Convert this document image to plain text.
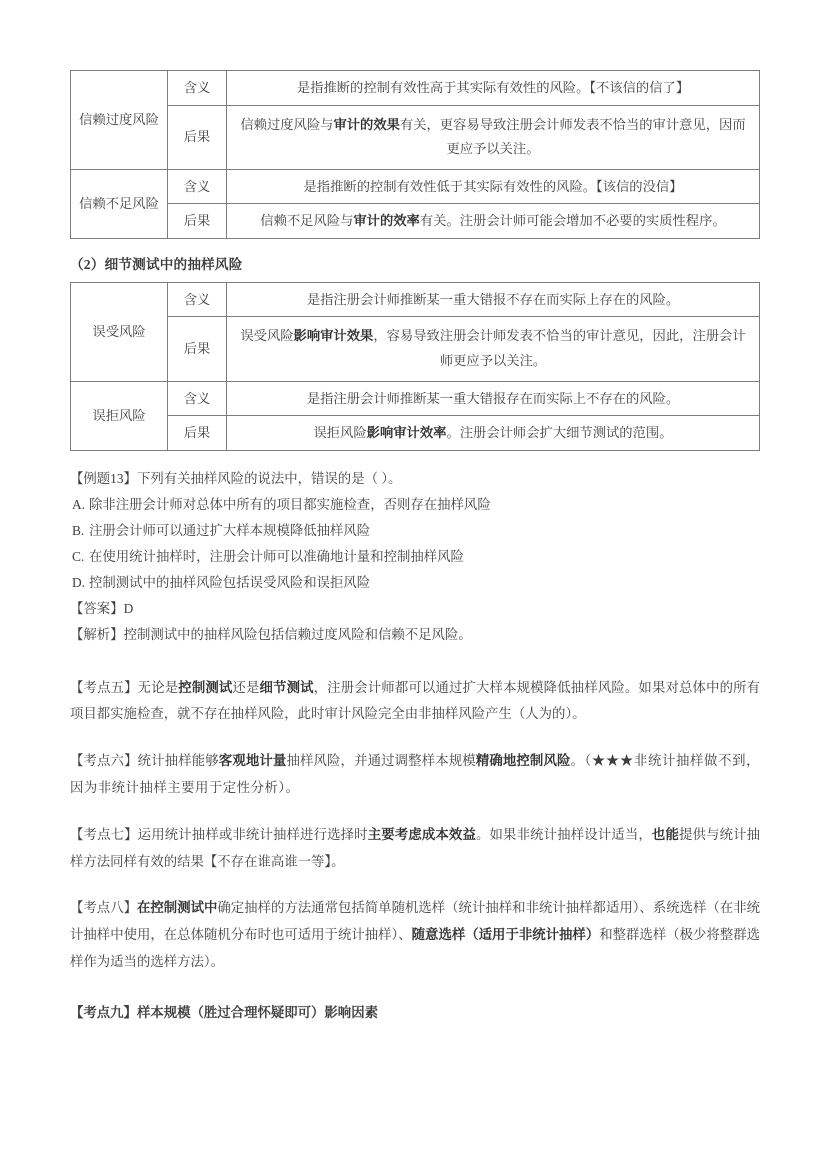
信赖过度风险	含义	是指推断的控制有效性高于其实际有效性的风险。【不该信的信了】
	后果	信赖过度风险与审计的效果有关，更容易导致注册会计师发表不恰当的审计意见，因而更应予以关注。
信赖不足风险	含义	是指推断的控制有效性低于其实际有效性的风险。【该信的没信】
	后果	信赖不足风险与审计的效率有关。注册会计师可能会增加不必要的实质性程序。
（2）细节测试中的抽样风险
误受风险	含义	是指注册会计师推断某一重大错报不存在而实际上存在的风险。
	后果	误受风险影响审计效果，容易导致注册会计师发表不恰当的审计意见，因此，注册会计师更应予以关注。
误拒风险	含义	是指注册会计师推断某一重大错报存在而实际上不存在的风险。
	后果	误拒风险影响审计效率。注册会计师会扩大细节测试的范围。

【例题13】下列有关抽样风险的说法中，错误的是（ ）。

A. 除非注册会计师对总体中所有的项目都实施检查，否则存在抽样风险

B. 注册会计师可以通过扩大样本规模降低抽样风险

C. 在使用统计抽样时，注册会计师可以准确地计量和控制抽样风险

D. 控制测试中的抽样风险包括误受风险和误拒风险

【答案】D

【解析】控制测试中的抽样风险包括信赖过度风险和信赖不足风险。

【考点五】无论是控制测试还是细节测试，注册会计师都可以通过扩大样本规模降低抽样风险。如果对总体中的所有项目都实施检查，就不存在抽样风险，此时审计风险完全由非抽样风险产生（人为的）。

【考点六】统计抽样能够客观地计量抽样风险，并通过调整样本规模精确地控制风险。（★★★非统计抽样做不到，因为非统计抽样主要用于定性分析）。

【考点七】运用统计抽样或非统计抽样进行选择时主要考虑成本效益。如果非统计抽样设计适当，也能提供与统计抽样方法同样有效的结果【不存在谁高谁一等】。

【考点八】在控制测试中确定抽样的方法通常包括简单随机选样（统计抽样和非统计抽样都适用）、系统选样（在非统计抽样中使用，在总体随机分布时也可适用于统计抽样）、随意选样（适用于非统计抽样）和整群选样（极少将整群选样作为适当的选样方法）。

【考点九】样本规模（胜过合理怀疑即可）影响因素
